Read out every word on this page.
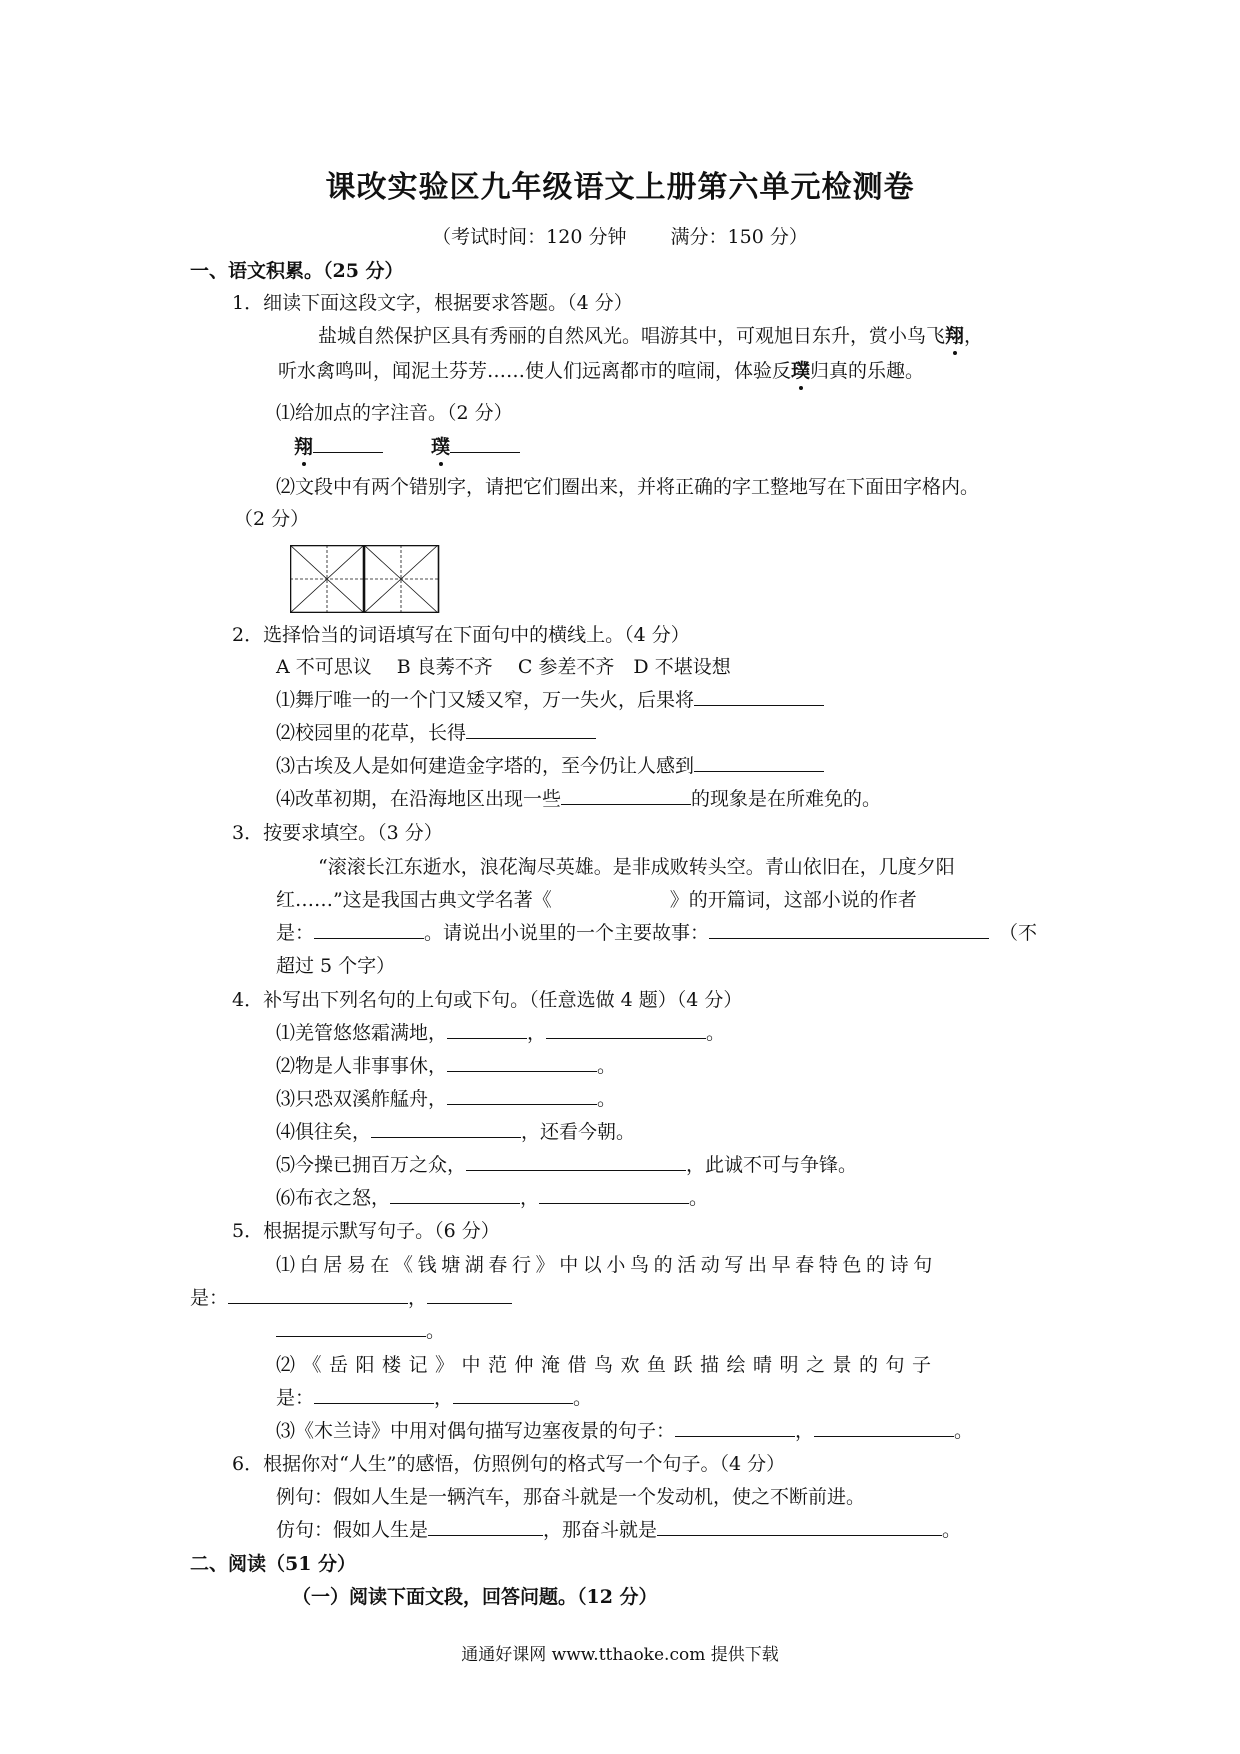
课改实验区九年级语文上册第六单元检测卷
（考试时间：120 分钟　　 满分：150 分）
一、语文积累。（25 分）
1．细读下面这段文字，根据要求答题。（4 分）
盐城自然保护区具有秀丽的自然风光。唱游其中，可观旭日东升，赏小鸟飞翔，
听水禽鸣叫，闻泥土芬芳……使人们远离都市的喧闹，体验反璞归真的乐趣。
⑴给加点的字注音。（2 分）
翔	璞
⑵文段中有两个错别字，请把它们圈出来，并将正确的字工整地写在下面田字格内。
（2 分）
2．选择恰当的词语填写在下面句中的横线上。（4 分）
A 不可思议　 B 良莠不齐　 C 参差不齐　D 不堪设想
⑴舞厅唯一的一个门又矮又窄，万一失火，后果将
⑵校园里的花草，长得
⑶古埃及人是如何建造金字塔的，至今仍让人感到
⑷改革初期，在沿海地区出现一些	的现象是在所难免的。
3．按要求填空。（3 分）
“滚滚长江东逝水，浪花淘尽英雄。是非成败转头空。青山依旧在，几度夕阳
红……”这是我国古典文学名著《	》的开篇词，这部小说的作者
是：	。请说出小说里的一个主要故事：	（不
超过 5 个字）
4．补写出下列名句的上句或下句。（任意选做 4 题）（4 分）
⑴羌管悠悠霜满地，	，	。
⑵物是人非事事休，	。
⑶只恐双溪舴艋舟，	。
⑷俱往矣，	，还看今朝。
⑸今操已拥百万之众，	，此诚不可与争锋。
⑹布衣之怒，	，	。
5．根据提示默写句子。（6 分）
⑴白居易在《钱塘湖春行》中以小鸟的活动写出早春特色的诗句
是：	，
。
⑵《岳阳楼记》中范仲淹借鸟欢鱼跃描绘晴明之景的句子
是：	，	。
⑶《木兰诗》中用对偶句描写边塞夜景的句子：	，	。
6．根据你对“人生”的感悟，仿照例句的格式写一个句子。（4 分）
例句：假如人生是一辆汽车，那奋斗就是一个发动机，使之不断前进。
仿句：假如人生是	，那奋斗就是	。
二、阅读（51 分）
（一）阅读下面文段，回答问题。（12 分）
通通好课网 www.tthaoke.com 提供下载
